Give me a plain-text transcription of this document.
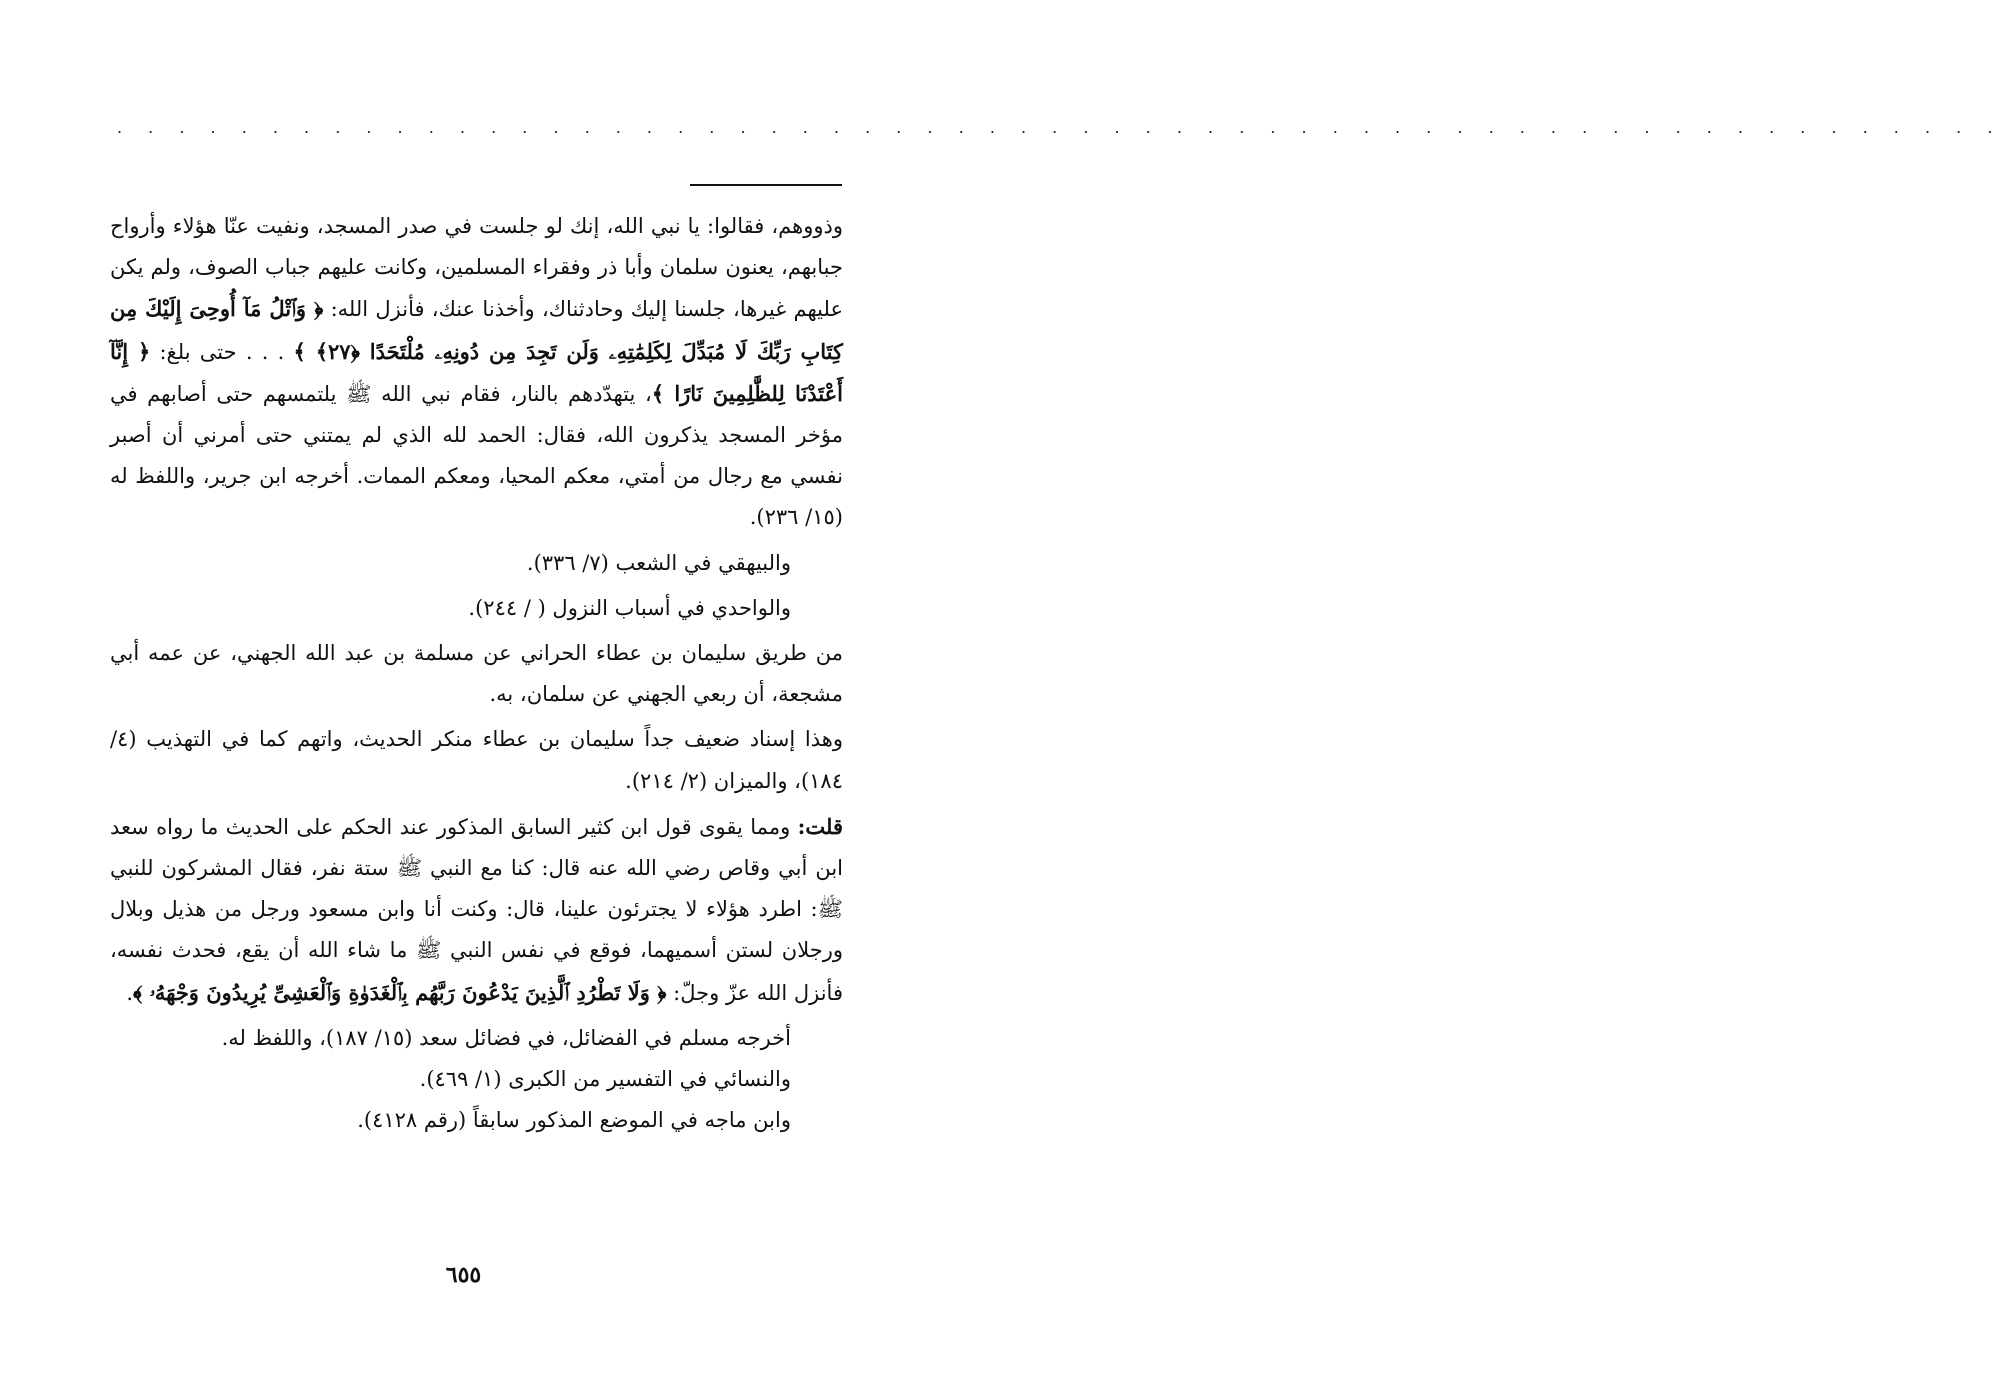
. . . . . . . . . . . . . . . . . . . . . . . . . . . . . . . . . . . . . . . . . . . . . . . . . . . . . . . . . . . . .

وذووهم، فقالوا: يا نبي الله، إنك لو جلست في صدر المسجد، ونفيت عنّا هؤلاء وأرواح جبابهم، يعنون سلمان وأبا ذر وفقراء المسلمين، وكانت عليهم جباب الصوف، ولم يكن عليهم غيرها، جلسنا إليك وحادثناك، وأخذنا عنك، فأنزل الله: ﴿ وَٱتْلُ مَآ أُوحِىَ إِلَيْكَ مِن كِتَابِ رَبِّكَ لَا مُبَدِّلَ لِكَلِمَٰتِهِۦ وَلَن تَجِدَ مِن دُونِهِۦ مُلْتَحَدًا ﴿٢٧﴾ ﴾ . . . حتى بلغ: ﴿ إِنَّآ أَعْتَدْنَا لِلظَّٰلِمِينَ نَارًا ﴾، يتهدّدهم بالنار، فقام نبي الله ﷺ يلتمسهم حتى أصابهم في مؤخر المسجد يذكرون الله، فقال: الحمد لله الذي لم يمتني حتى أمرني أن أصبر نفسي مع رجال من أمتي، معكم المحيا، ومعكم الممات. أخرجه ابن جرير، واللفظ له (١٥/ ٢٣٦).

والبيهقي في الشعب (٧/ ٣٣٦).

والواحدي في أسباب النزول ( / ٢٤٤).

من طريق سليمان بن عطاء الحراني عن مسلمة بن عبد الله الجهني، عن عمه أبي مشجعة، أن ربعي الجهني عن سلمان، به.

وهذا إسناد ضعيف جداً سليمان بن عطاء منكر الحديث، واتهم كما في التهذيب (٤/ ١٨٤)، والميزان (٢/ ٢١٤).

قلت: ومما يقوى قول ابن كثير السابق المذكور عند الحكم على الحديث ما رواه سعد ابن أبي وقاص رضي الله عنه قال: كنا مع النبي ﷺ ستة نفر، فقال المشركون للنبي ﷺ: اطرد هؤلاء لا يجترئون علينا، قال: وكنت أنا وابن مسعود ورجل من هذيل وبلال ورجلان لستن أسميهما، فوقع في نفس النبي ﷺ ما شاء الله أن يقع، فحدث نفسه، فأنزل الله عزّ وجلّ: ﴿ وَلَا تَطْرُدِ ٱلَّذِينَ يَدْعُونَ رَبَّهُم بِٱلْغَدَوٰةِ وَٱلْعَشِىِّ يُرِيدُونَ وَجْهَهُۥ ﴾.

أخرجه مسلم في الفضائل، في فضائل سعد (١٥/ ١٨٧)، واللفظ له.

والنسائي في التفسير من الكبرى (١/ ٤٦٩).

وابن ماجه في الموضع المذكور سابقاً (رقم ٤١٢٨).

٦٥٥
